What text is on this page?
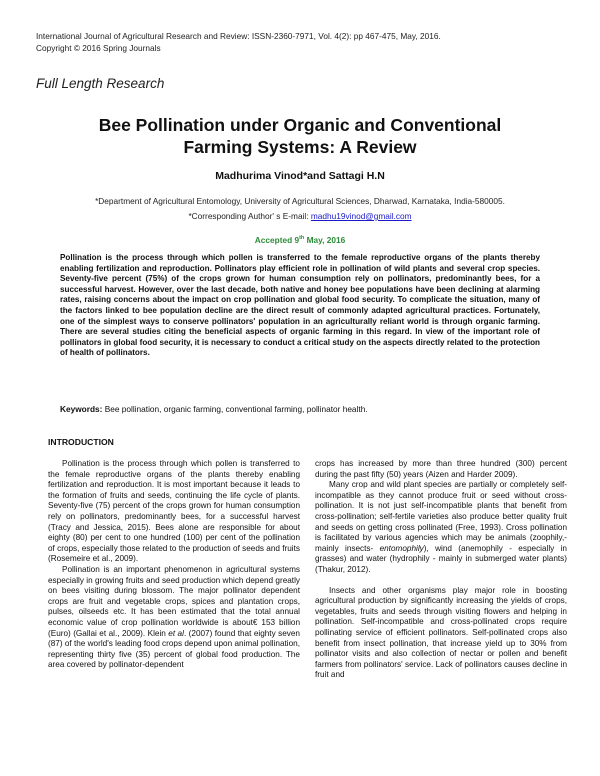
International Journal of Agricultural Research and Review: ISSN-2360-7971, Vol. 4(2): pp 467-475, May, 2016.
Copyright © 2016 Spring Journals
Full Length Research
Bee Pollination under Organic and Conventional
Farming Systems: A Review
Madhurima Vinod*and Sattagi H.N
*Department of Agricultural Entomology, University of Agricultural Sciences, Dharwad, Karnataka, India-580005.
*Corresponding Author' s E-mail: madhu19vinod@gmail.com
Accepted 9th May, 2016
Pollination is the process through which pollen is transferred to the female reproductive organs of the plants thereby enabling fertilization and reproduction. Pollinators play efficient role in pollination of wild plants and several crop species. Seventy-five percent (75%) of the crops grown for human consumption rely on pollinators, predominantly bees, for a successful harvest. However, over the last decade, both native and honey bee populations have been declining at alarming rates, raising concerns about the impact on crop pollination and global food security. To complicate the situation, many of the factors linked to bee population decline are the direct result of commonly adapted agricultural practices. Fortunately, one of the simplest ways to conserve pollinators' population in an agriculturally reliant world is through organic farming. There are several studies citing the beneficial aspects of organic farming in this regard. In view of the important role of pollinators in global food security, it is necessary to conduct a critical study on the aspects directly related to the protection of health of pollinators.
Keywords: Bee pollination, organic farming, conventional farming, pollinator health.
INTRODUCTION

Pollination is the process through which pollen is transferred to the female reproductive organs of the plants thereby enabling fertilization and reproduction. It is most important because it leads to the formation of fruits and seeds, continuing the life cycle of plants. Seventy-five (75) percent of the crops grown for human consumption rely on pollinators, predominantly bees, for a successful harvest (Tracy and Jessica, 2015). Bees alone are responsible for about eighty (80) per cent to one hundred (100) per cent of the pollination of crops, especially those related to the production of seeds and fruits (Rosemeire et al., 2009).

Pollination is an important phenomenon in agricultural systems especially in growing fruits and seed production which depend greatly on bees visiting during blossom. The major pollinator dependent crops are fruit and vegetable crops, spices and plantation crops, pulses, oilseeds etc. It has been estimated that the total annual economic value of crop pollination worldwide is about€ 153 billion (Euro) (Gallai et al., 2009). Klein et al. (2007) found that eighty seven (87) of the world's leading food crops depend upon animal pollination, representing thirty five (35) percent of global food production. The area covered by pollinator-dependent

crops has increased by more than three hundred (300) percent during the past fifty (50) years (Aizen and Harder 2009).

Many crop and wild plant species are partially or completely self-incompatible as they cannot produce fruit or seed without cross-pollination. It is not just self-incompatible plants that benefit from cross-pollination; self-fertile varieties also produce better quality fruit and seeds on getting cross pollinated (Free, 1993). Cross pollination is facilitated by various agencies which may be animals (zoophily,- mainly insects- entomophily), wind (anemophily - especially in grasses) and water (hydrophily - mainly in submerged water plants) (Thakur, 2012).

Insects and other organisms play major role in boosting agricultural production by significantly increasing the yields of crops, vegetables, fruits and seeds through visiting flowers and helping in pollination. Self-incompatible and cross-pollinated crops require pollinating service of efficient pollinators. Self-pollinated crops also benefit from insect pollination, that increase yield up to 30% from pollinator visits and also collection of nectar or pollen and benefit farmers from pollinators' service. Lack of pollinators causes decline in fruit and
